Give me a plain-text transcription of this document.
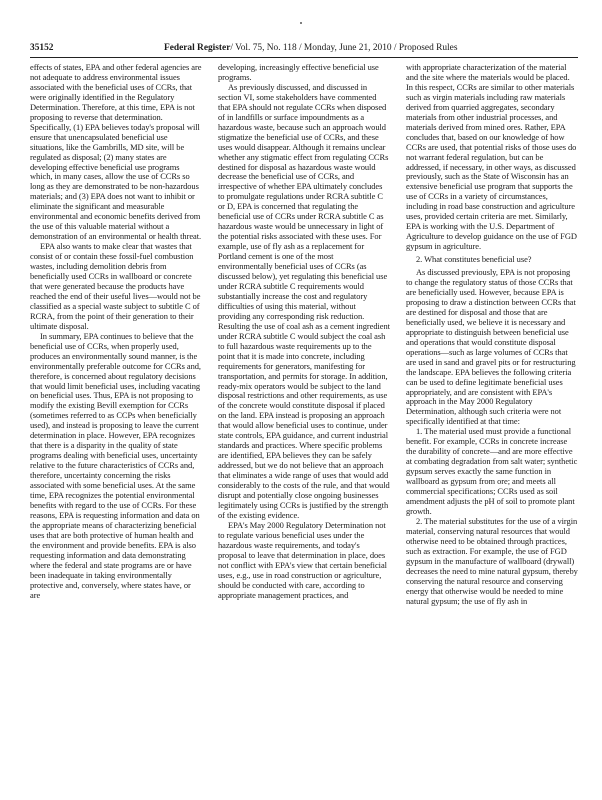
35152	Federal Register/ Vol. 75, No. 118 / Monday, June 21, 2010 / Proposed Rules

effects of states, EPA and other federal agencies are not adequate to address environmental issues associated with the beneficial uses of CCRs, that were originally identified in the Regulatory Determination. Therefore, at this time, EPA is not proposing to reverse that determination. Specifically, (1) EPA believes today's proposal will ensure that unencapsulated beneficial use situations, like the Gambrills, MD site, will be regulated as disposal; (2) many states are developing effective beneficial use programs which, in many cases, allow the use of CCRs so long as they are demonstrated to be non-hazardous materials; and (3) EPA does not want to inhibit or eliminate the significant and measurable environmental and economic benefits derived from the use of this valuable material without a demonstration of an environmental or health threat.

EPA also wants to make clear that wastes that consist of or contain these fossil-fuel combustion wastes, including demolition debris from beneficially used CCRs in wallboard or concrete that were generated because the products have reached the end of their useful lives—would not be classified as a special waste subject to subtitle C of RCRA, from the point of their generation to their ultimate disposal.

In summary, EPA continues to believe that the beneficial use of CCRs, when properly used, produces an environmentally sound manner, is the environmentally preferable outcome for CCRs and, therefore, is concerned about regulatory decisions that would limit beneficial uses, including vacating on beneficial uses. Thus, EPA is not proposing to modify the existing Bevill exemption for CCRs (sometimes referred to as CCPs when beneficially used), and instead is proposing to leave the current determination in place. However, EPA recognizes that there is a disparity in the quality of state programs dealing with beneficial uses, uncertainty relative to the future characteristics of CCRs and, therefore, uncertainty concerning the risks associated with some beneficial uses. At the same time, EPA recognizes the potential environmental benefits with regard to the use of CCRs. For these reasons, EPA is requesting information and data on the appropriate means of characterizing beneficial uses that are both protective of human health and the environment and provide benefits. EPA is also requesting information and data demonstrating where the federal and state programs are or have been inadequate in taking environmentally protective and, conversely, where states have, or are

developing, increasingly effective beneficial use programs.

As previously discussed, and discussed in section VI, some stakeholders have commented that EPA should not regulate CCRs when disposed of in landfills or surface impoundments as a hazardous waste, because such an approach would stigmatize the beneficial use of CCRs, and these uses would disappear. Although it remains unclear whether any stigmatic effect from regulating CCRs destined for disposal as hazardous waste would decrease the beneficial use of CCRs, and irrespective of whether EPA ultimately concludes to promulgate regulations under RCRA subtitle C or D, EPA is concerned that regulating the beneficial use of CCRs under RCRA subtitle C as hazardous waste would be unnecessary in light of the potential risks associated with these uses. For example, use of fly ash as a replacement for Portland cement is one of the most environmentally beneficial uses of CCRs (as discussed below), yet regulating this beneficial use under RCRA subtitle C requirements would substantially increase the cost and regulatory difficulties of using this material, without providing any corresponding risk reduction. Resulting the use of coal ash as a cement ingredient under RCRA subtitle C would subject the coal ash to full hazardous waste requirements up to the point that it is made into concrete, including requirements for generators, manifesting for transportation, and permits for storage. In addition, ready-mix operators would be subject to the land disposal restrictions and other requirements, as use of the concrete would constitute disposal if placed on the land. EPA instead is proposing an approach that would allow beneficial uses to continue, under state controls, EPA guidance, and current industrial standards and practices. Where specific problems are identified, EPA believes they can be safely addressed, but we do not believe that an approach that eliminates a wide range of uses that would add considerably to the costs of the rule, and that would disrupt and potentially close ongoing businesses legitimately using CCRs is justified by the strength of the existing evidence.

EPA's May 2000 Regulatory Determination not to regulate various beneficial uses under the hazardous waste requirements, and today's proposal to leave that determination in place, does not conflict with EPA's view that certain beneficial uses, e.g., use in road construction or agriculture, should be conducted with care, according to appropriate management practices, and

with appropriate characterization of the material and the site where the materials would be placed. In this respect, CCRs are similar to other materials such as virgin materials including raw materials derived from quarried aggregates, secondary materials from other industrial processes, and materials derived from mined ores. Rather, EPA concludes that, based on our knowledge of how CCRs are used, that potential risks of those uses do not warrant federal regulation, but can be addressed, if necessary, in other ways, as discussed previously, such as the State of Wisconsin has an extensive beneficial use program that supports the use of CCRs in a variety of circumstances, including in road base construction and agriculture uses, provided certain criteria are met. Similarly, EPA is working with the U.S. Department of Agriculture to develop guidance on the use of FGD gypsum in agriculture.

2. What constitutes beneficial use?

As discussed previously, EPA is not proposing to change the regulatory status of those CCRs that are beneficially used. However, because EPA is proposing to draw a distinction between CCRs that are destined for disposal and those that are beneficially used, we believe it is necessary and appropriate to distinguish between beneficial use and operations that would constitute disposal operations—such as large volumes of CCRs that are used in sand and gravel pits or for restructuring the landscape. EPA believes the following criteria can be used to define legitimate beneficial uses appropriately, and are consistent with EPA's approach in the May 2000 Regulatory Determination, although such criteria were not specifically identified at that time:

1. The material used must provide a functional benefit. For example, CCRs in concrete increase the durability of concrete—and are more effective at combating degradation from salt water; synthetic gypsum serves exactly the same function in wallboard as gypsum from ore; and meets all commercial specifications; CCRs used as soil amendment adjusts the pH of soil to promote plant growth.

2. The material substitutes for the use of a virgin material, conserving natural resources that would otherwise need to be obtained through practices, such as extraction. For example, the use of FGD gypsum in the manufacture of wallboard (drywall) decreases the need to mine natural gypsum, thereby conserving the natural resource and conserving energy that otherwise would be needed to mine natural gypsum; the use of fly ash in
